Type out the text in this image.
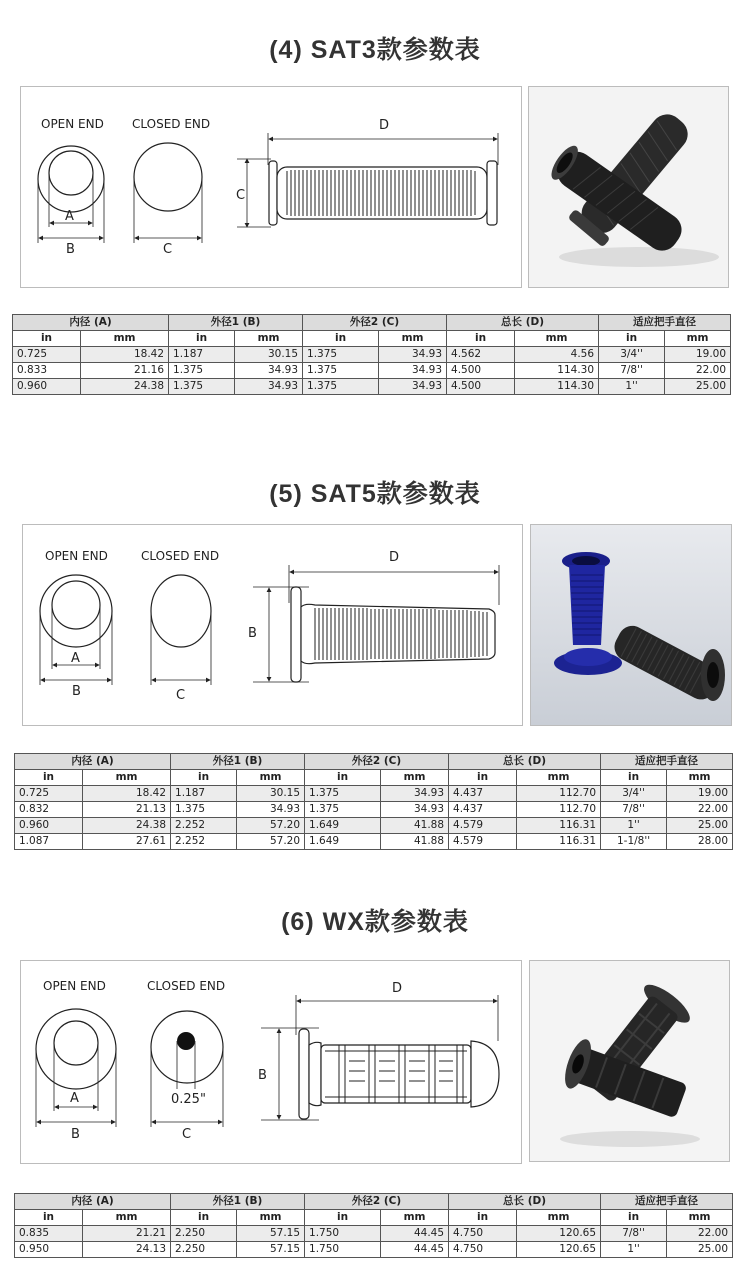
(4) SAT3款参数表
OPEN END
A
B
CLOSED END
C
D
C
内径 (A)		外径1 (B)		外径2 (C)		总长 (D)		适应把手直径	
in	mm	in	mm	in	mm	in	mm	in	mm
0.725	18.42	1.187	30.15	1.375	34.93	4.562	4.56	3/4''	19.00
0.833	21.16	1.375	34.93	1.375	34.93	4.500	114.30	7/8''	22.00
0.960	24.38	1.375	34.93	1.375	34.93	4.500	114.30	1''	25.00
(5) SAT5款参数表
OPEN END
A
B
CLOSED END
C
D
B
内径 (A)		外径1 (B)		外径2 (C)		总长 (D)		适应把手直径	
in	mm	in	mm	in	mm	in	mm	in	mm
0.725	18.42	1.187	30.15	1.375	34.93	4.437	112.70	3/4''	19.00
0.832	21.13	1.375	34.93	1.375	34.93	4.437	112.70	7/8''	22.00
0.960	24.38	2.252	57.20	1.649	41.88	4.579	116.31	1''	25.00
1.087	27.61	2.252	57.20	1.649	41.88	4.579	116.31	1-1/8''	28.00
(6) WX款参数表
OPEN END
A
B
CLOSED END
0.25"
C
D
B
内径 (A)		外径1 (B)		外径2 (C)		总长 (D)		适应把手直径	
in	mm	in	mm	in	mm	in	mm	in	mm
0.835	21.21	2.250	57.15	1.750	44.45	4.750	120.65	7/8''	22.00
0.950	24.13	2.250	57.15	1.750	44.45	4.750	120.65	1''	25.00
